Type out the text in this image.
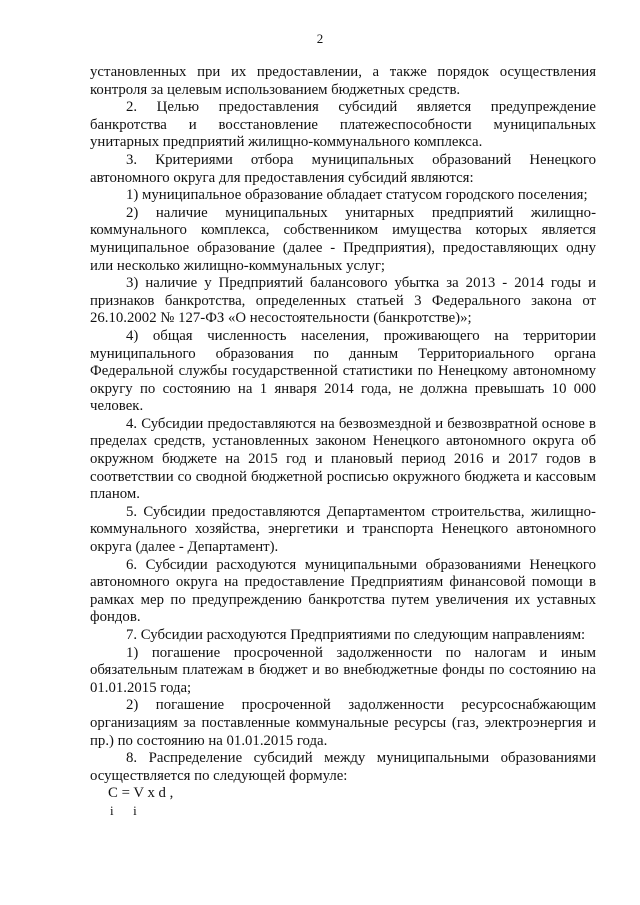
2

установленных при их предоставлении, а также порядок осуществления контроля за целевым использованием бюджетных средств.

2. Целью предоставления субсидий является предупреждение банкротства и восстановление платежеспособности муниципальных унитарных предприятий жилищно-коммунального комплекса.

3. Критериями отбора муниципальных образований Ненецкого автономного округа для предоставления субсидий являются:

1) муниципальное образование обладает статусом городского поселения;

2) наличие муниципальных унитарных предприятий жилищно-коммунального комплекса, собственником имущества которых является муниципальное образование (далее - Предприятия), предоставляющих одну или несколько жилищно-коммунальных услуг;

3) наличие у Предприятий балансового убытка за 2013 - 2014 годы и признаков банкротства, определенных статьей 3 Федерального закона от 26.10.2002 № 127-ФЗ «О несостоятельности (банкротстве)»;

4) общая численность населения, проживающего на территории муниципального образования по данным Территориального органа Федеральной службы государственной статистики по Ненецкому автономному округу по состоянию на 1 января 2014 года, не должна превышать 10 000 человек.

4. Субсидии предоставляются на безвозмездной и безвозвратной основе в пределах средств, установленных законом Ненецкого автономного округа об окружном бюджете на 2015 год и плановый период 2016 и 2017 годов в соответствии со сводной бюджетной росписью окружного бюджета и кассовым планом.

5. Субсидии предоставляются Департаментом строительства, жилищно-коммунального хозяйства, энергетики и транспорта Ненецкого автономного округа (далее - Департамент).

6. Субсидии расходуются муниципальными образованиями Ненецкого автономного округа на предоставление Предприятиям финансовой помощи в рамках мер по предупреждению банкротства путем увеличения их уставных фондов.

7. Субсидии расходуются Предприятиями по следующим направлениям:

1) погашение просроченной задолженности по налогам и иным обязательным платежам в бюджет и во внебюджетные фонды по состоянию на 01.01.2015 года;

2) погашение просроченной задолженности ресурсоснабжающим организациям за поставленные коммунальные ресурсы (газ, электроэнергия и пр.) по состоянию на 01.01.2015 года.

8. Распределение субсидий между муниципальными образованиями осуществляется по следующей формуле:

C = V x d ,

i      i
